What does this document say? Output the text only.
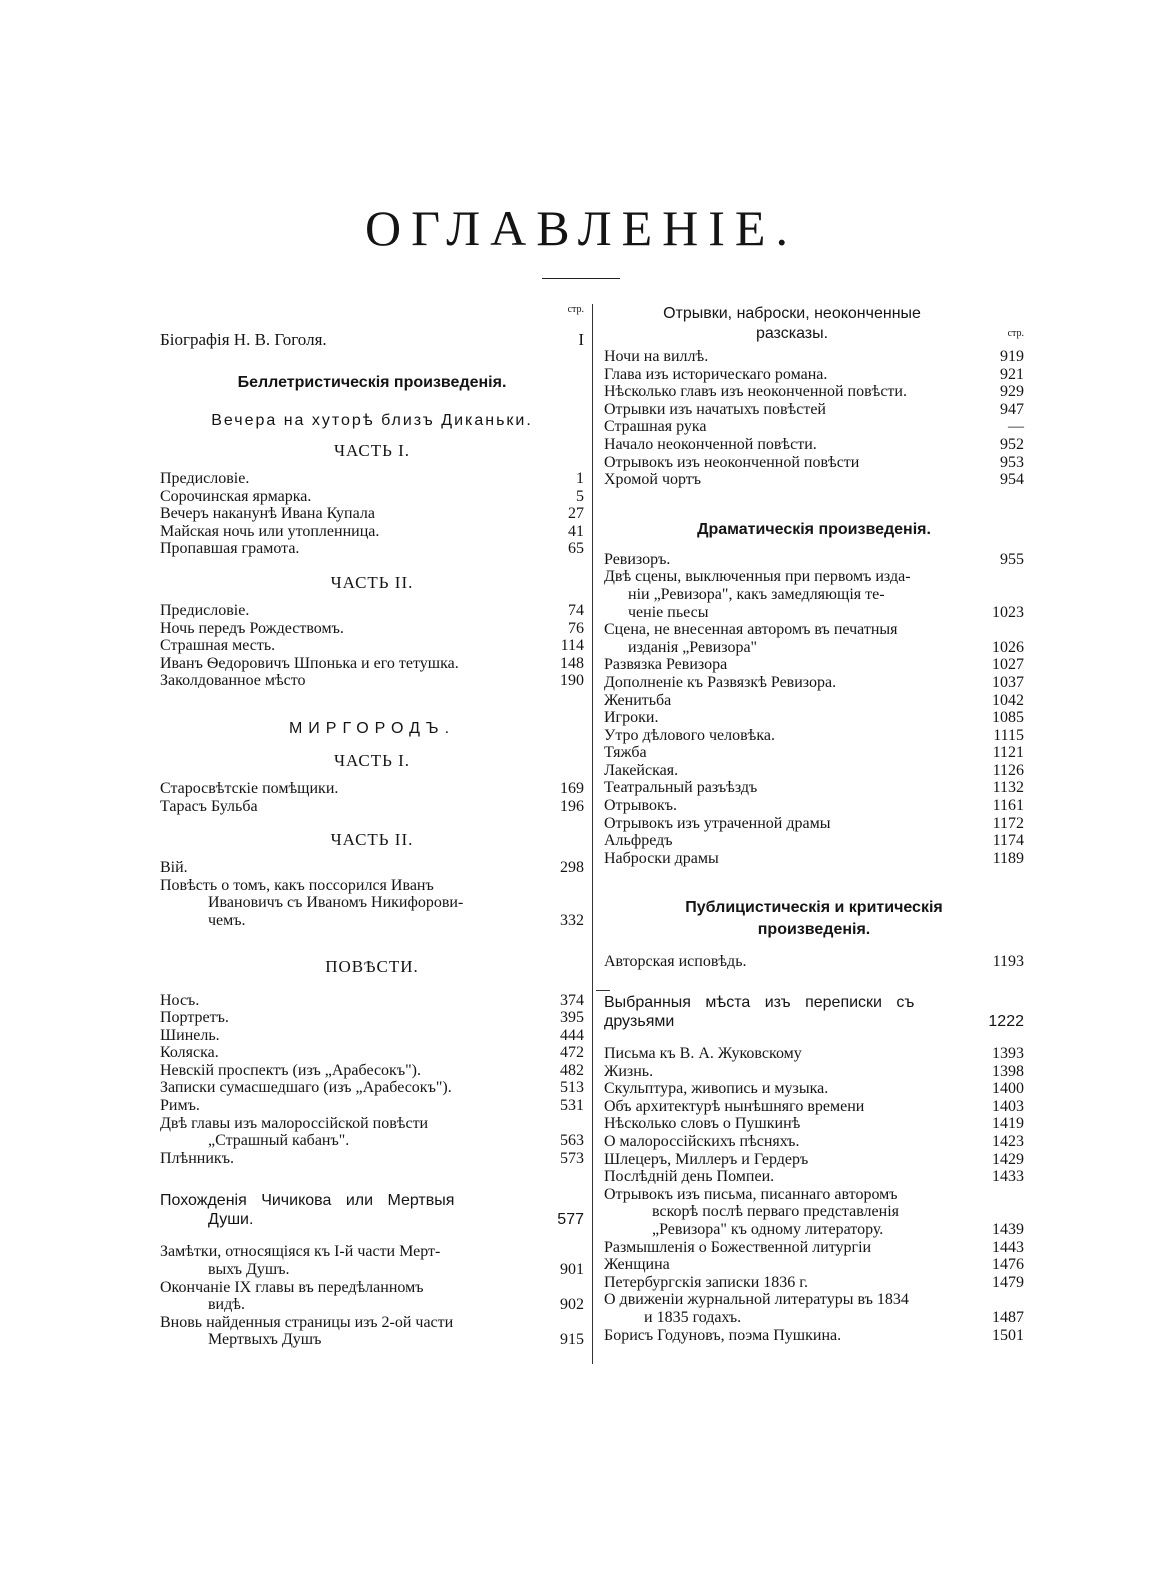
ОГЛАВЛЕНІЕ.
стр.
Біографія Н. В. Гоголя.	I
Беллетристическія произведенія.
Вечера на хуторѣ близъ Диканьки.
ЧАСТЬ I.
Предисловіе.	1
Сорочинская ярмарка.	5
Вечеръ наканунѣ Ивана Купала	27
Майская ночь или утопленница.	41
Пропавшая грамота.	65
ЧАСТЬ II.
Предисловіе.	74
Ночь передъ Рождествомъ.	76
Страшная месть.	114
Иванъ Ѳедоровичъ Шпонька и его тетушка.	148
Заколдованное мѣсто	190
МИРГОРОДЪ.
ЧАСТЬ I.
Старосвѣтскіе помѣщики.	169
Тарасъ Бульба	196
ЧАСТЬ II.
Вій.	298
Повѣсть о томъ, какъ поссорился Иванъ
Ивановичъ съ Иваномъ Никифорови-
чемъ.	332
ПОВѢСТИ.
Носъ.	374
Портретъ.	395
Шинель.	444
Коляска.	472
Невскій проспектъ (изъ „Арабесокъ").	482
Записки сумасшедшаго (изъ „Арабесокъ").	513
Римъ.	531
Двѣ главы изъ малороссійской повѣсти
„Страшный кабанъ".	563
Плѣнникъ.	573
Похожденія Чичикова или Мертвыя
Души.	577
Замѣтки, относящіяся къ I-й части Мерт-
выхъ Душъ.	901
Окончаніе IX главы въ передѣланномъ
видѣ.	902
Вновь найденныя страницы изъ 2-ой части
Мертвыхъ Душъ	915
Отрывки, наброски, неоконченные
разсказы.	стр.
Ночи на виллѣ.	919
Глава изъ историческаго романа.	921
Нѣсколько главъ изъ неоконченной повѣсти.	929
Отрывки изъ начатыхъ повѣстей	947
Страшная рука	—
Начало неоконченной повѣсти.	952
Отрывокъ изъ неоконченной повѣсти	953
Хромой чортъ	954
Драматическія произведенія.
Ревизоръ.	955
Двѣ сцены, выключенныя при первомъ изда-
ніи „Ревизора", какъ замедляющія те-
ченіе пьесы	1023
Сцена, не внесенная авторомъ въ печатныя
изданія „Ревизора"	1026
Развязка Ревизора	1027
Дополненіе къ Развязкѣ Ревизора.	1037
Женитьба	1042
Игроки.	1085
Утро дѣлового человѣка.	1115
Тяжба	1121
Лакейская.	1126
Театральный разъѣздъ	1132
Отрывокъ.	1161
Отрывокъ изъ утраченной драмы	1172
Альфредъ	1174
Наброски драмы	1189
Публицистическія и критическія
произведенія.
Авторская исповѣдь.	1193
Выбранныя мѣста изъ переписки съ
друзьями	1222
Письма къ В. А. Жуковскому	1393
Жизнь.	1398
Скульптура, живопись и музыка.	1400
Объ архитектурѣ нынѣшняго времени	1403
Нѣсколько словъ о Пушкинѣ	1419
О малороссійскихъ пѣсняхъ.	1423
Шлецеръ, Миллеръ и Гердеръ	1429
Послѣдній день Помпеи.	1433
Отрывокъ изъ письма, писаннаго авторомъ
вскорѣ послѣ перваго представленія
„Ревизора" къ одному литератору.	1439
Размышленія о Божественной литургіи	1443
Женщина	1476
Петербургскія записки 1836 г.	1479
О движеніи журнальной литературы въ 1834
и 1835 годахъ.	1487
Борисъ Годуновъ, поэма Пушкина.	1501
